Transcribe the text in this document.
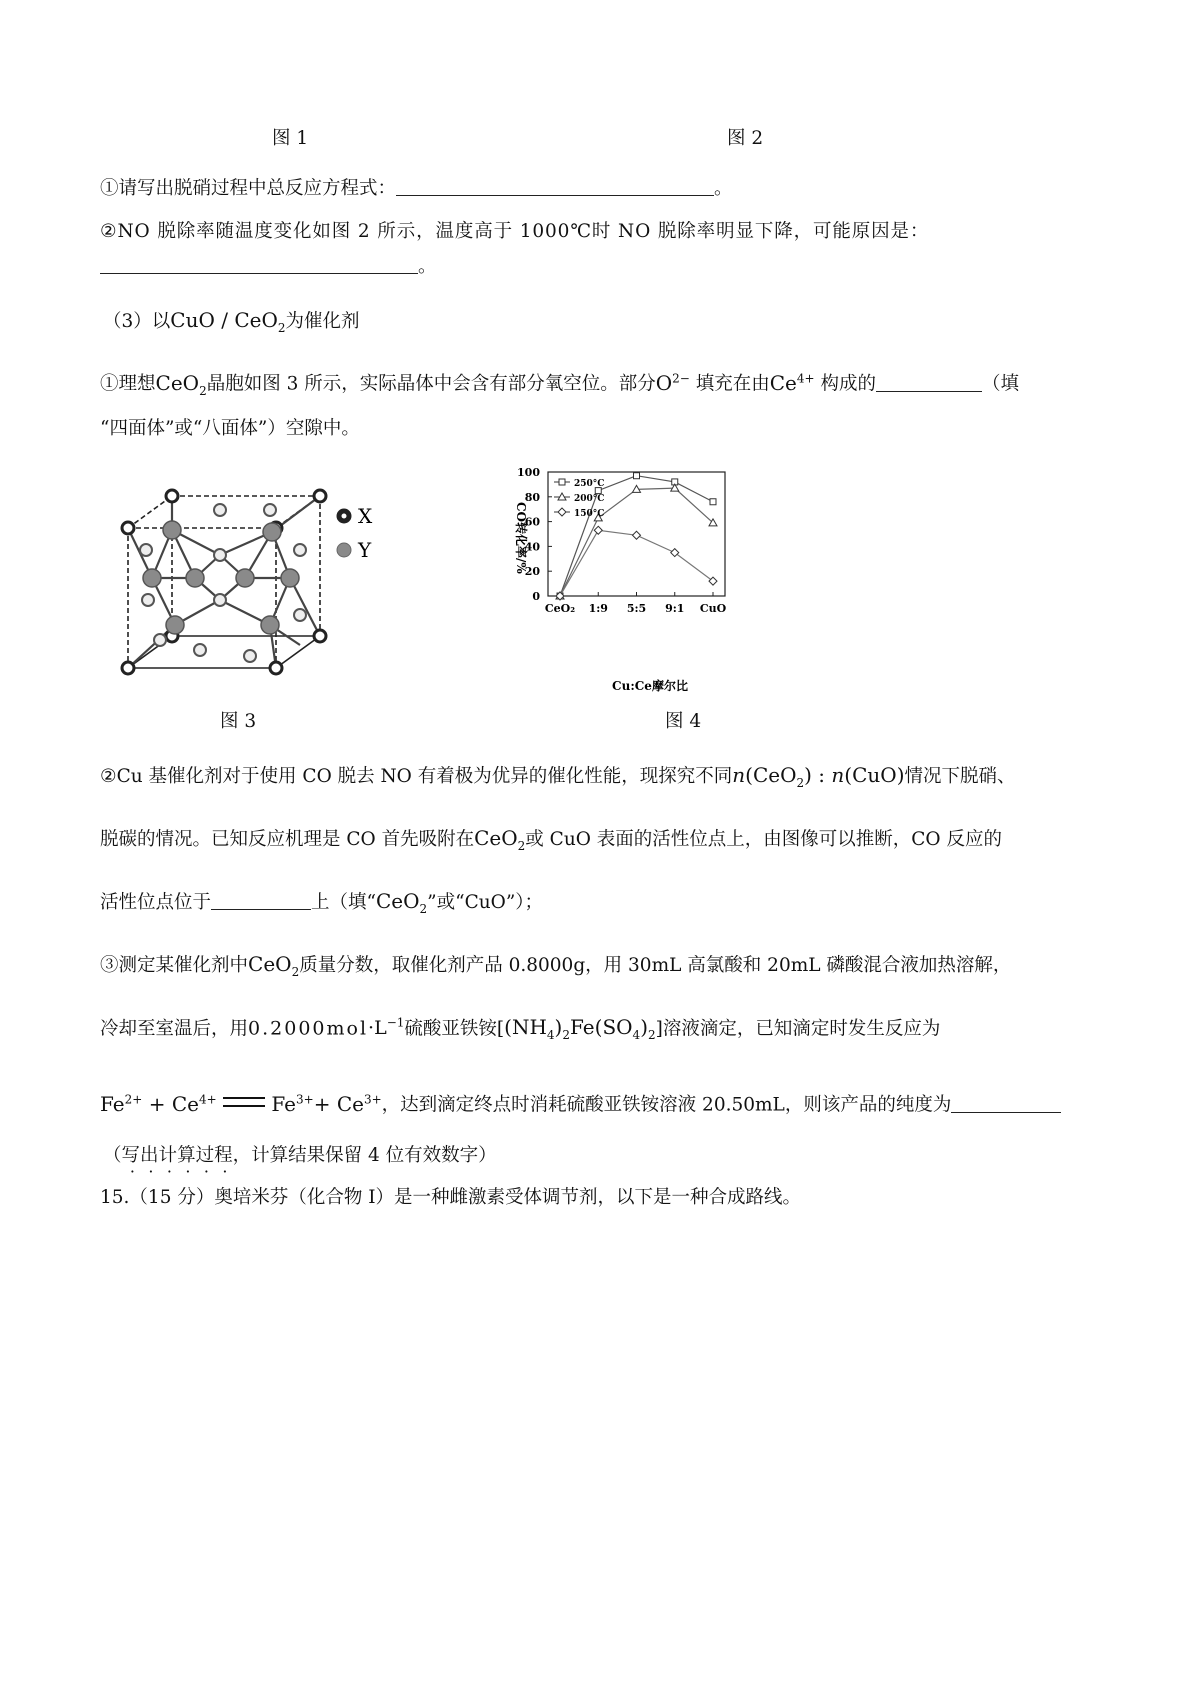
图 1	图 2
①请写出脱硝过程中总反应方程式：	。
②NO 脱除率随温度变化如图 2 所示，温度高于 1000℃时 NO 脱除率明显下降，可能原因是：
。
（3）以CuO / CeO$_2$为催化剂
①理想CeO$_2$晶胞如图 3 所示，实际晶体中会含有部分氧空位。部分$O^{2-}$ 填充在由$Ce^{4+}$ 构成的	（填
“四面体”或“八面体”）空隙中。
X
Y	CO转化率/%
Cu:Ce摩尔比
0
20
40
60
80
100
CeO₂ 1:9 5:5 9:1 CuO
250°C
200°C
150°C
图 3	图 4
②Cu 基催化剂对于使用 CO 脱去 NO 有着极为优异的催化性能，现探究不同n(CeO$_2$) : n(CuO)情况下脱硝、
脱碳的情况。已知反应机理是 CO 首先吸附在CeO$_2$或 CuO 表面的活性位点上，由图像可以推断，CO 反应的
活性位点位于	上（填“CeO$_2$”或“CuO”）；
③测定某催化剂中CeO$_2$质量分数，取催化剂产品 0.8000g，用 30mL 高氯酸和 20mL 磷酸混合液加热溶解，
冷却至室温后，用$0.2000mol\cdot L^{-1}$硫酸亚铁铵$[(NH_4)_2Fe(SO_4)_2]$溶液滴定，已知滴定时发生反应为
$Fe^{2+} + Ce^{4+}$	$Fe^{3+}+ Ce^{3+}$，达到滴定终点时消耗硫酸亚铁铵溶液 20.50mL，则该产品的纯度为
（写出计算过程，计算结果保留 4 位有效数字）
15.（15 分）奥培米芬（化合物 I）是一种雌激素受体调节剂，以下是一种合成路线。
